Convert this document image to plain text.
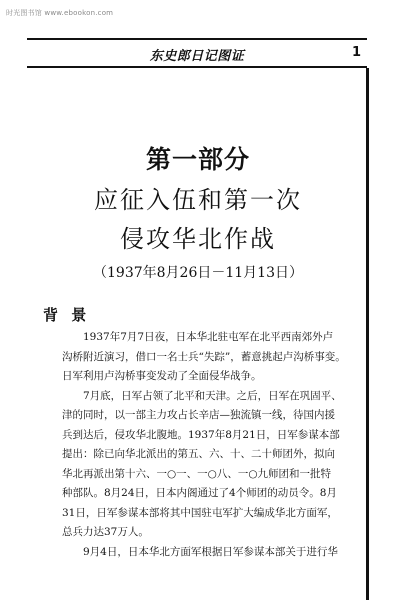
时光图书馆 www.ebookon.com
东史郎日记图证	1
第一部分
应征入伍和第一次
侵攻华北作战
（1937年8月26日－11月13日）
背 景
1937年7月7日夜，日本华北驻屯军在北平西南郊外卢
沟桥附近演习，借口一名士兵“失踪”，蓄意挑起卢沟桥事变。
日军利用卢沟桥事变发动了全面侵华战争。
7月底，日军占领了北平和天津。之后，日军在巩固平、
津的同时，以一部主力攻占长辛店—独流镇一线，待国内援
兵到达后，侵攻华北腹地。1937年8月21日，日军参谋本部
提出：除已向华北派出的第五、六、十、二十师团外，拟向
华北再派出第十六、一○一、一○八、一○九师团和一批特
种部队。8月24日，日本内阁通过了4个师团的动员令。8月
31日，日军参谋本部将其中国驻屯军扩大编成华北方面军，
总兵力达37万人。
9月4日，日本华北方面军根据日军参谋本部关于进行华
